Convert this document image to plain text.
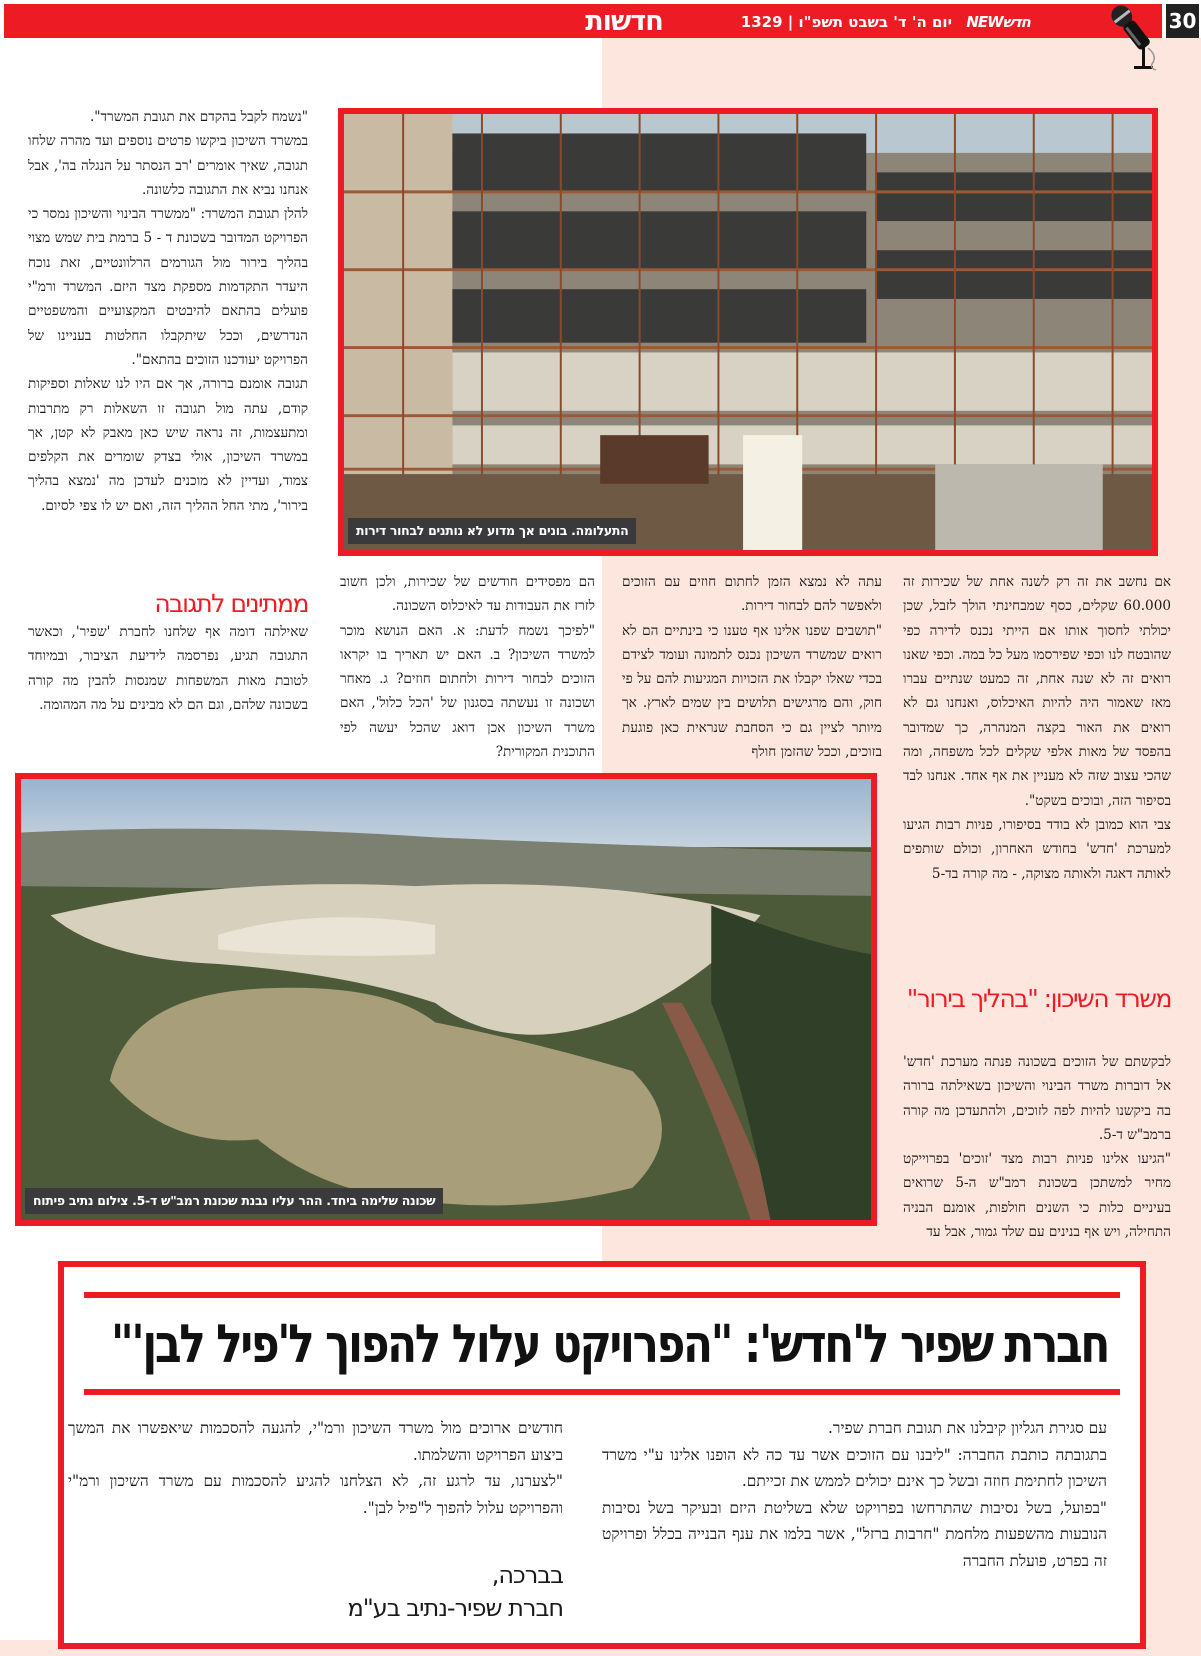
חדשות	יום ה' ד' בשבט תשפ"ו | 1329	חדשNEW	30

"נשמח לקבל בהקדם את תגובת המשרד".

במשרד השיכון ביקשו פרטים נוספים ועד מהרה שלחו תגובה, שאיך אומרים 'רב הנסתר על הנגלה בה', אבל אנחנו נביא את התגובה כלשונה.

להלן תגובת המשרד: "ממשרד הבינוי והשיכון נמסר כי הפרויקט המדובר בשכונת ד - 5 ברמת בית שמש מצוי בהליך בירור מול הגורמים הרלוונטיים, זאת נוכח היעדר התקדמות מספקת מצד היזם. המשרד ורמ"י פועלים בהתאם להיבטים המקצועיים והמשפטיים הנדרשים, וככל שיתקבלו החלטות בעניינו של הפרויקט יעודכנו הזוכים בהתאם".

תגובה אומנם ברורה, אך אם היו לנו שאלות וספיקות קודם, עתה מול תגובה זו השאלות רק מתרבות ומתעצמות, זה נראה שיש כאן מאבק לא קטן, אך במשרד השיכון, אולי בצדק שומרים את הקלפים צמוד, ועדיין לא מוכנים לעדכן מה 'נמצא בהליך בירור', מתי החל ההליך הזה, ואם יש לו צפי לסיום.

ממתינים לתגובה

שאילתה דומה אף שלחנו לחברת 'שפיר', וכאשר התגובה תגיע, נפרסמה לידיעת הציבור, ובמיוחד לטובת מאות המשפחות שמנסות להבין מה קורה בשכונה שלהם, וגם הם לא מבינים על מה המהומה.

התעלומה. בונים אך מדוע לא נותנים לבחור דירות

הם מפסידים חודשים של שכירות, ולכן חשוב לזרז את העבודות עד לאיכלוס השכונה.

"לפיכך נשמח לדעת: א. האם הנושא מוכר למשרד השיכון? ב. האם יש תאריך בו יקראו הזוכים לבחור דירות ולחתום חוזים? ג. מאחר ושכונה זו נעשתה בסגנון של 'הכל כלול', האם משרד השיכון אכן דואג שהכל יעשה לפי התוכנית המקורית?

עתה לא נמצא הזמן לחתום חוזים עם הזוכים ולאפשר להם לבחור דירות.

"תושבים שפנו אלינו אף טענו כי בינתיים הם לא רואים שמשרד השיכון נכנס לתמונה ועומד לצידם בכדי שאלו יקבלו את הזכויות המגיעות להם על פי חוק, והם מרגישים תלושים בין שמים לארץ. אך מיותר לציין גם כי הסחבת שנראית כאן פוגעת בזוכים, וככל שהזמן חולף

אם נחשב את זה רק לשנה אחת של שכירות זה 60.000 שקלים, כסף שמבחינתי הולך לזבל, שכן יכולתי לחסוך אותו אם הייתי נכנס לדירה כפי שהובטח לנו וכפי שפירסמו מעל כל במה. וכפי שאנו רואים זה לא שנה אחת, זה כמעט שנתיים עברו מאז שאמור היה להיות האיכלוס, ואנחנו גם לא רואים את האור בקצה המנהרה, כך שמדובר בהפסד של מאות אלפי שקלים לכל משפחה, ומה שהכי עצוב שזה לא מעניין את אף אחד. אנחנו לבד בסיפור הזה, ובוכים בשקט".

צבי הוא כמובן לא בודד בסיפורו, פניות רבות הגיעו למערכת 'חדש' בחודש האחרון, וכולם שותפים לאותה דאגה ולאותה מצוקה, - מה קורה בד-5

שכונה שלימה ביחד. ההר עליו נבנת שכונת רמב"ש ד-5. צילום נתיב פיתוח
משרד השיכון: "בהליך בירור"

לבקשתם של הזוכים בשכונה פנתה מערכת 'חדש' אל דוברות משרד הבינוי והשיכון בשאילתה ברורה בה ביקשנו להיות לפה לזוכים, ולהתעדכן מה קורה ברמב"ש ד-5.

"הגיעו אלינו פניות רבות מצד 'זוכים' בפרוייקט מחיר למשתכן בשכונת רמב"ש ה-5 שרואים בעיניים כלות כי השנים חולפות, אומנם הבניה התחילה, ויש אף בנינים עם שלד גמור, אבל עד

חברת שפיר ל'חדש': "הפרויקט עלול להפוך ל'פיל לבן'"

עם סגירת הגליון קיבלנו את תגובת חברת שפיר.

בתגובתה כותבת החברה: "ליבנו עם הזוכים אשר עד כה לא הופנו אלינו ע"י משרד השיכון לחתימת חוזה ובשל כך אינם יכולים לממש את זכייתם.

"בפועל, בשל נסיבות שהתרחשו בפרויקט שלא בשליטת היזם ובעיקר בשל נסיבות הנובעות מהשפעות מלחמת "חרבות ברזל", אשר בלמו את ענף הבנייה בכלל ופרויקט זה בפרט, פועלת החברה

חודשים ארוכים מול משרד השיכון ורמ"י, להגעה להסכמות שיאפשרו את המשך ביצוע הפרויקט והשלמתו.

"לצערנו, עד לרגע זה, לא הצלחנו להגיע להסכמות עם משרד השיכון ורמ"י והפרויקט עלול להפוך ל"פיל לבן".

בברכה,
חברת שפיר-נתיב בע"מ
